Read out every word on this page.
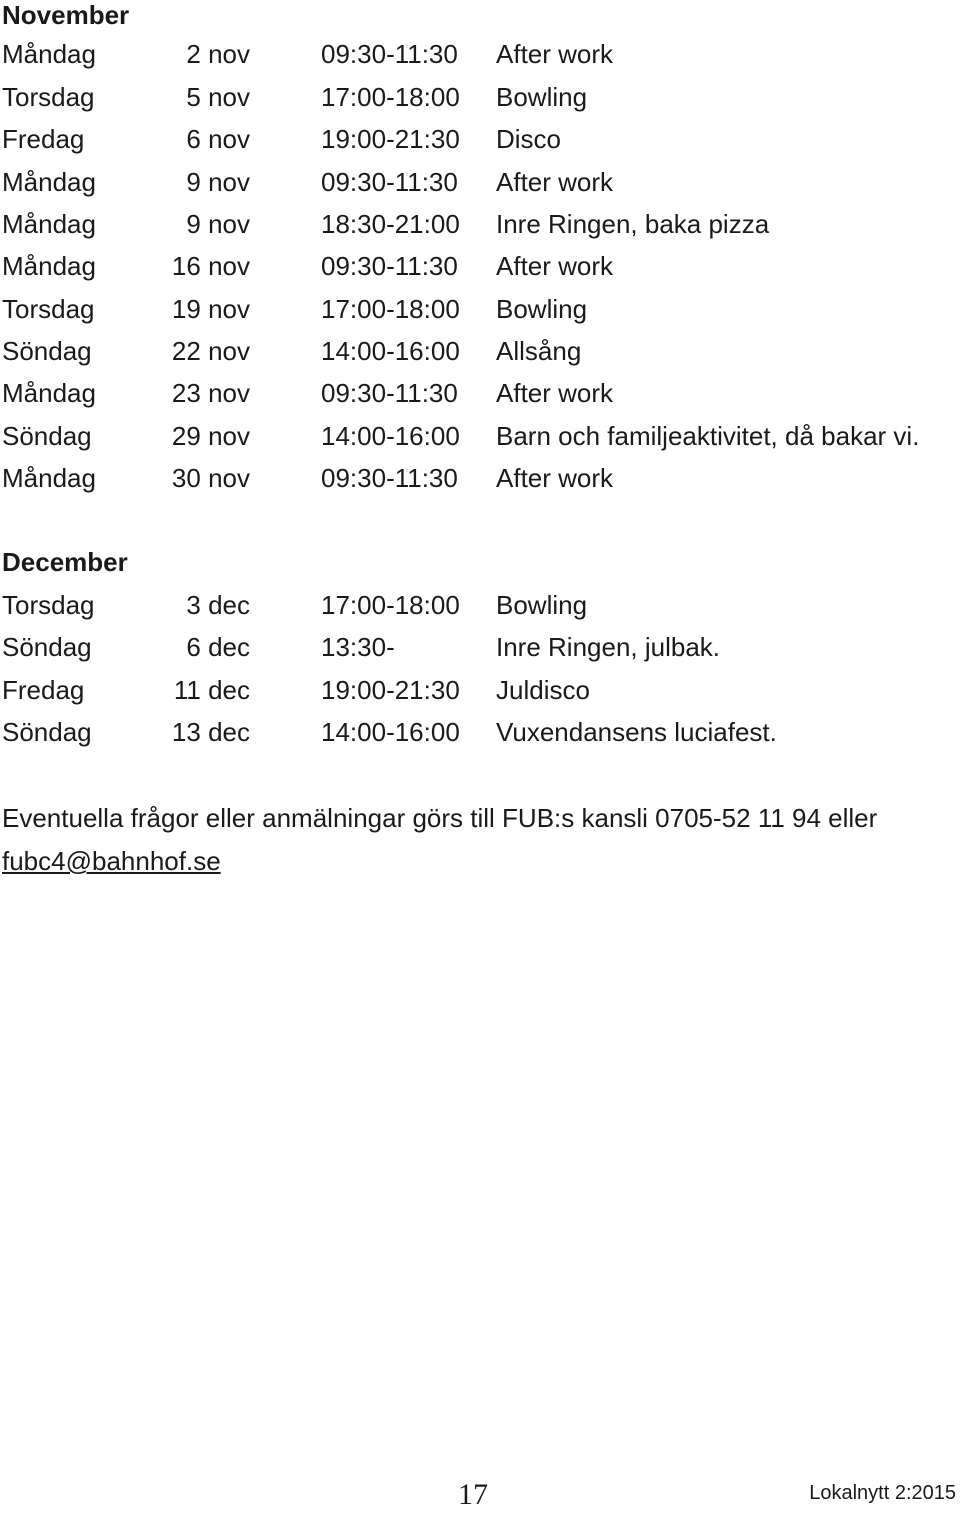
November
Måndag	2 nov	09:30-11:30 After work
Torsdag	5 nov	17:00-18:00 Bowling
Fredag	6 nov	19:00-21:30 Disco
Måndag	9 nov	09:30-11:30 After work
Måndag	9 nov	18:30-21:00 Inre Ringen, baka pizza
Måndag	16 nov	09:30-11:30 After work
Torsdag	19 nov	17:00-18:00 Bowling
Söndag	22 nov	14:00-16:00 Allsång
Måndag	23 nov	09:30-11:30 After work
Söndag	29 nov	14:00-16:00 Barn och familjeaktivitet, då bakar vi.
Måndag	30 nov	09:30-11:30 After work
December
Torsdag	3 dec	17:00-18:00 Bowling
Söndag	6 dec	13:30-	Inre Ringen, julbak.
Fredag	11 dec	19:00-21:30 Juldisco
Söndag	13 dec	14:00-16:00 Vuxendansens luciafest.
Eventuella frågor eller anmälningar görs till FUB:s kansli 0705-52 11 94 eller
fubc4@bahnhof.se
17	Lokalnytt 2:2015
